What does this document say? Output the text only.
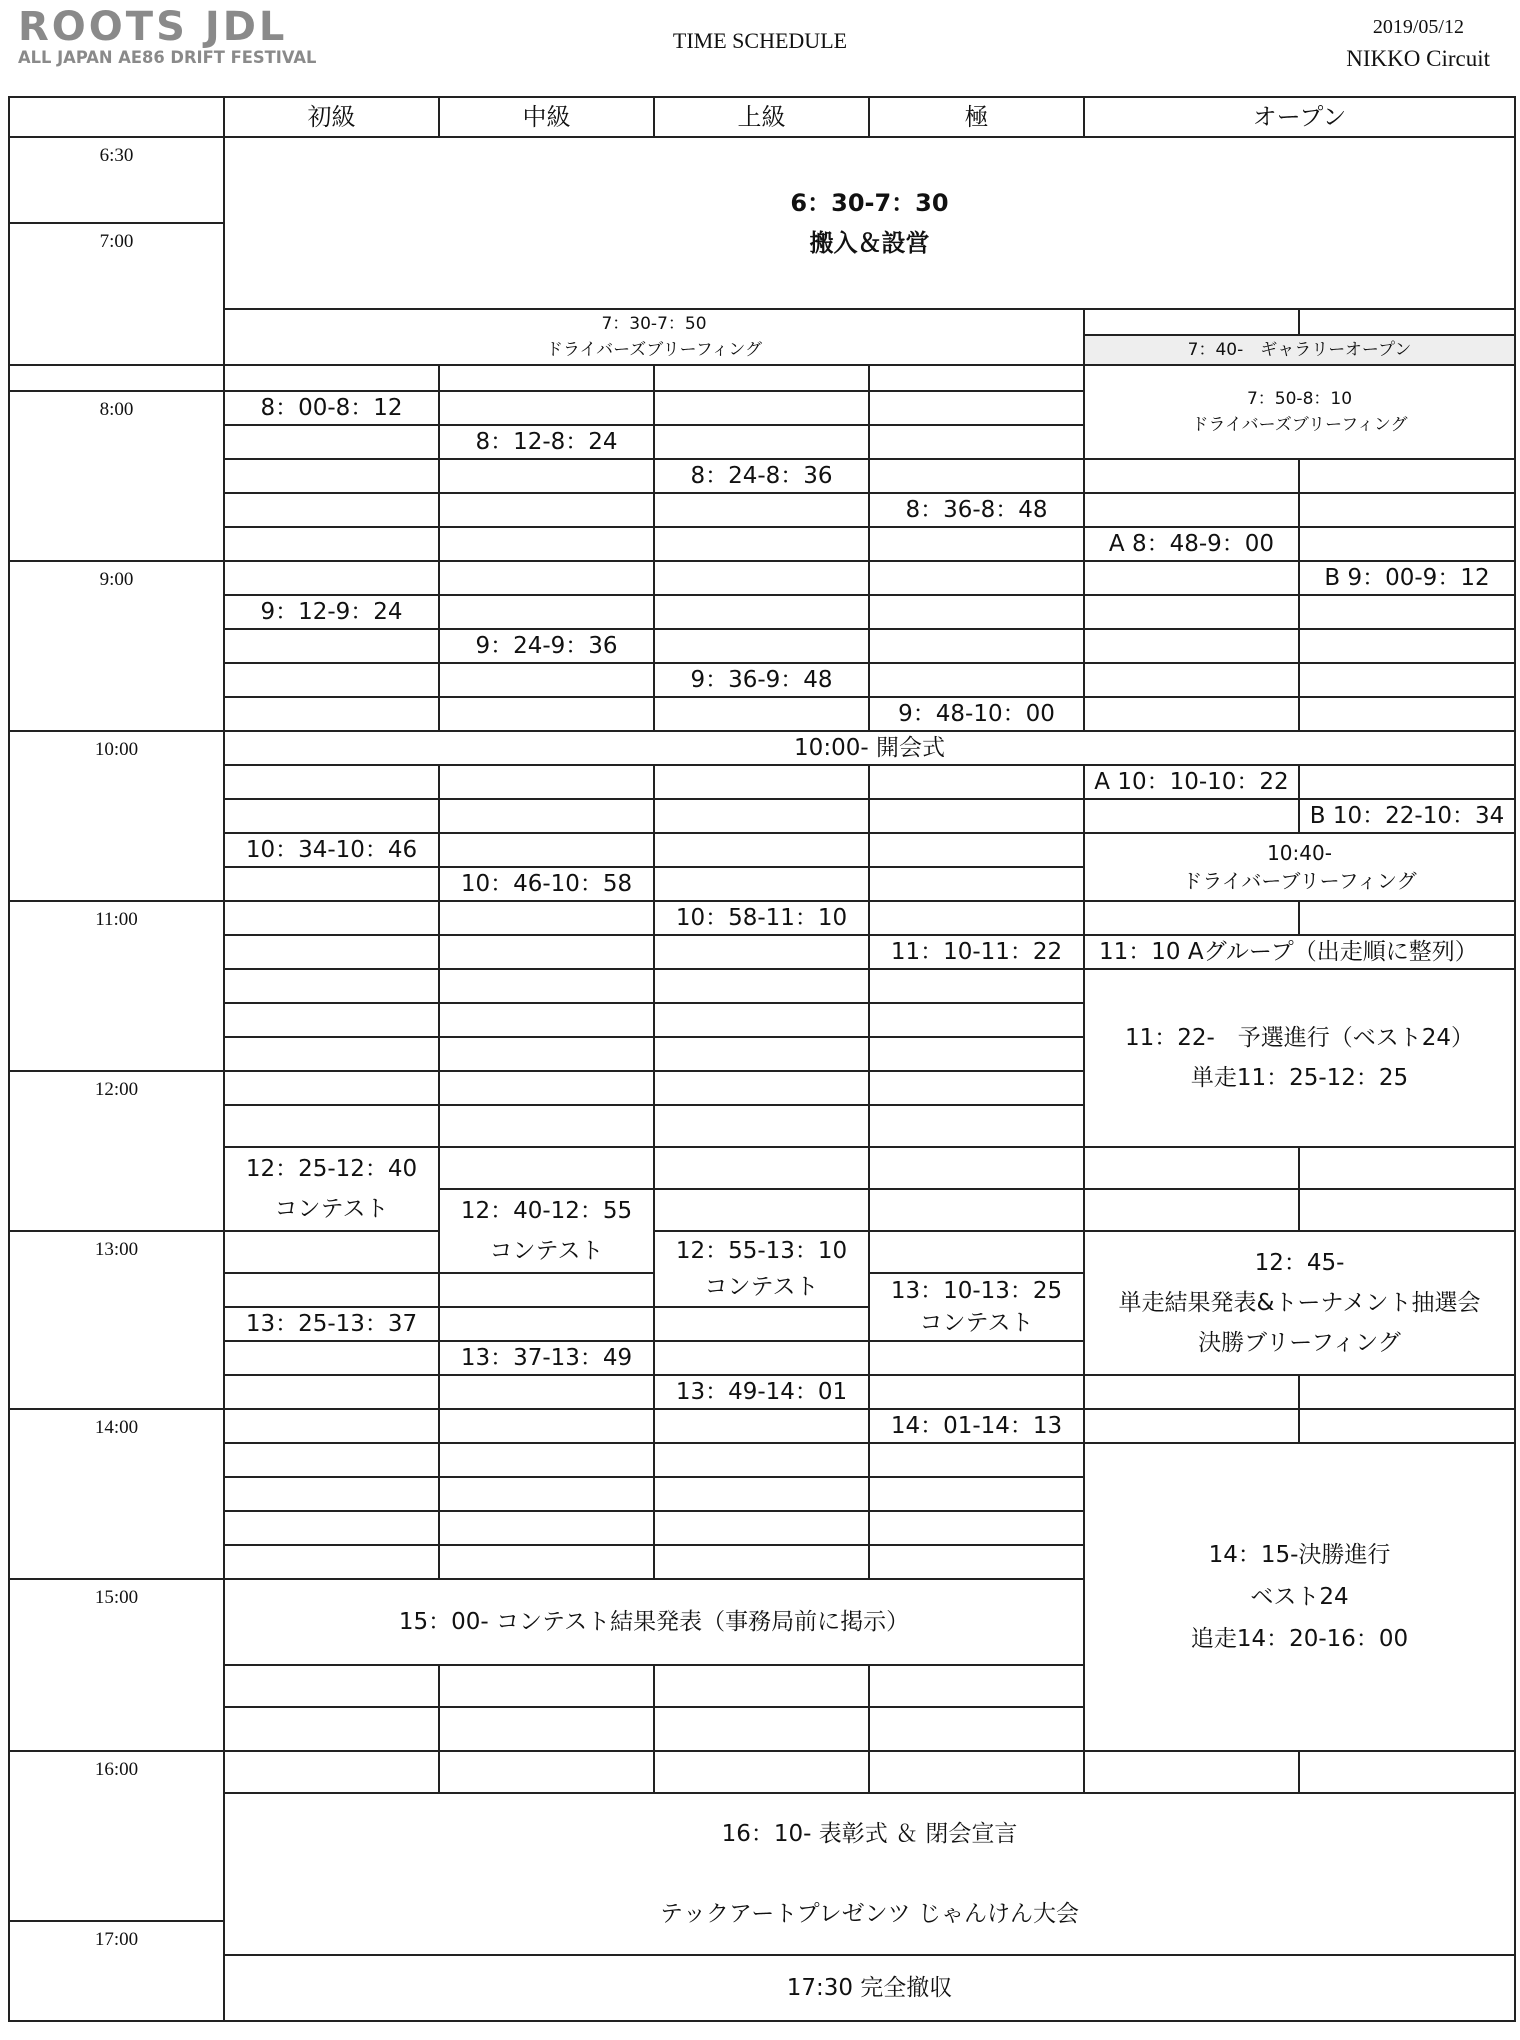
ROOTS JDL
ALL JAPAN AE86 DRIFT FESTIVAL
TIME SCHEDULE
2019/05/12
NIKKO Circuit
	初級	中級	上級	極	オープン	
6:30	6：30-7：30
搬入＆設営					

7:00						

	7：30-7：50
ドライバーズブリーフィング					

					7：40-　ギャラリーオープン	

					7：50-8：10
ドライバーズブリーフィング	

8:00	8：00-8：12					
		8：12-8：24				
			8：24-8：36			
				8：36-8：48		
					A 8：48-9：00	
9:00						B 9：00-9：12
	9：12-9：24					
		9：24-9：36				
			9：36-9：48			
				9：48-10：00		
10:00	10:00- 開会式					
					A 10：10-10：22	
						B 10：22-10：34
	10：34-10：46				10:40-
ドライバーブリーフィング	

		10：46-10：58				
11:00			10：58-11：10			
				11：10-11：22	11：10 Aグループ（出走順に整列）	

					11：22-　予選進行（ベスト24）
単走11：25-12：25	

12:00						

	12：25-12：40
コンテスト					

		12：40-12：55
コンテスト				

13:00			12：55-13：10
コンテスト		12：45-
単走結果発表&トーナメント抽選会
決勝ブリーフィング	

				13：10-13：25
コンテスト		

	13：25-13：37					
		13：37-13：49				
			13：49-14：01			
14:00				14：01-14：13		

					14：15-決勝進行
ベスト24
追走14：20-16：00	

15:00	15：00- コンテスト結果発表（事務局前に掲示）					

16:00						

	16：10- 表彰式 ＆ 閉会宣言
テックアートプレゼンツ じゃんけん大会					

17:00						
	17:30 完全撤収					
